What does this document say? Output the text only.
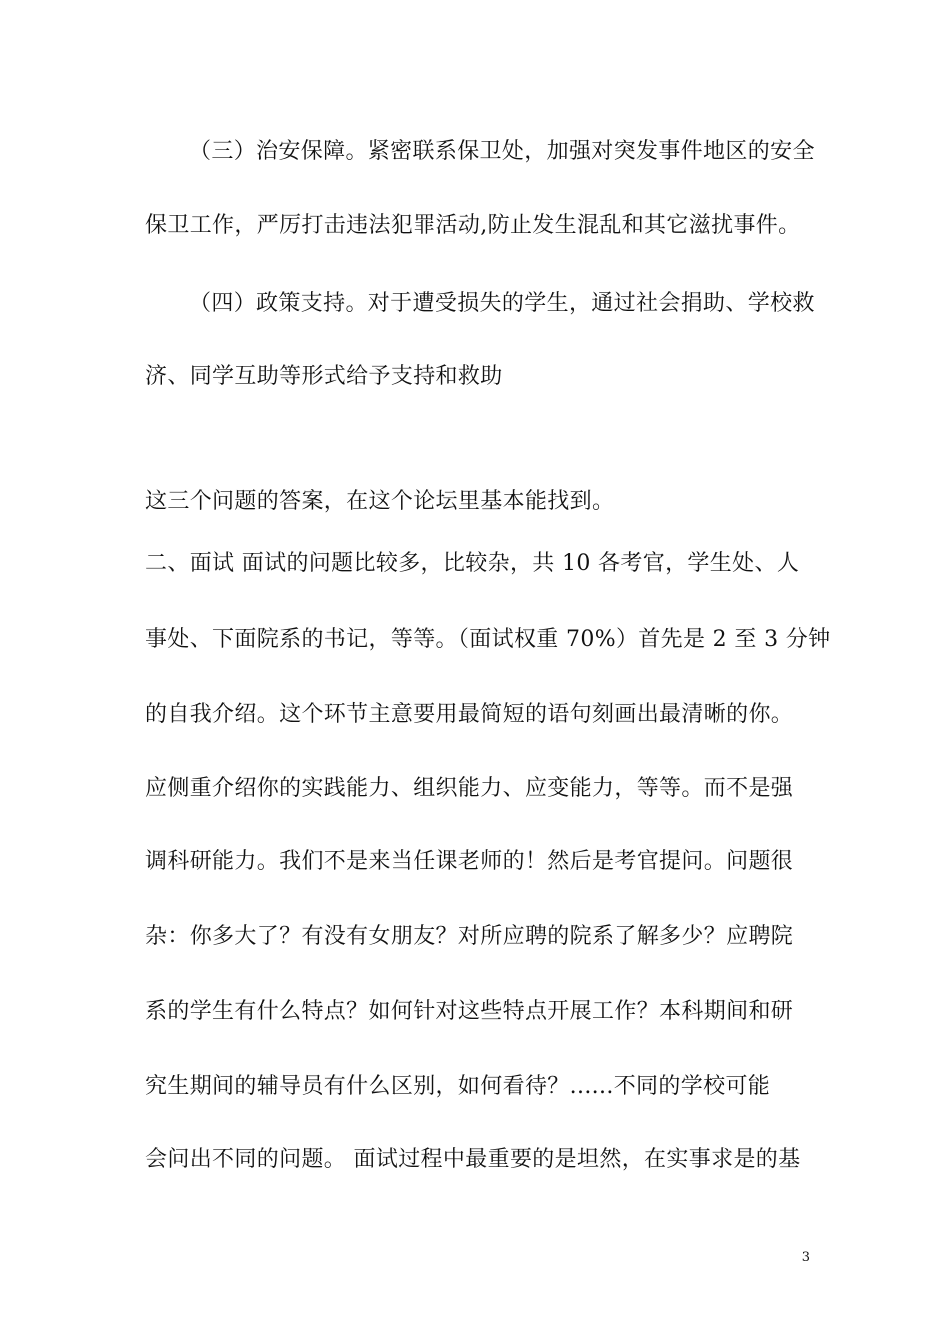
（三）治安保障。紧密联系保卫处，加强对突发事件地区的安全
保卫工作，严厉打击违法犯罪活动,防止发生混乱和其它滋扰事件。
（四）政策支持。对于遭受损失的学生，通过社会捐助、学校救
济、同学互助等形式给予支持和救助
这三个问题的答案，在这个论坛里基本能找到。
二、面试 面试的问题比较多，比较杂，共 10 各考官，学生处、人
事处、下面院系的书记，等等。（面试权重 70%）首先是 2 至 3 分钟
的自我介绍。这个环节主意要用最简短的语句刻画出最清晰的你。
应侧重介绍你的实践能力、组织能力、应变能力，等等。而不是强
调科研能力。我们不是来当任课老师的！然后是考官提问。问题很
杂：你多大了？有没有女朋友？对所应聘的院系了解多少？应聘院
系的学生有什么特点？如何针对这些特点开展工作？本科期间和研
究生期间的辅导员有什么区别，如何看待？......不同的学校可能
会问出不同的问题。 面试过程中最重要的是坦然，在实事求是的基
3
